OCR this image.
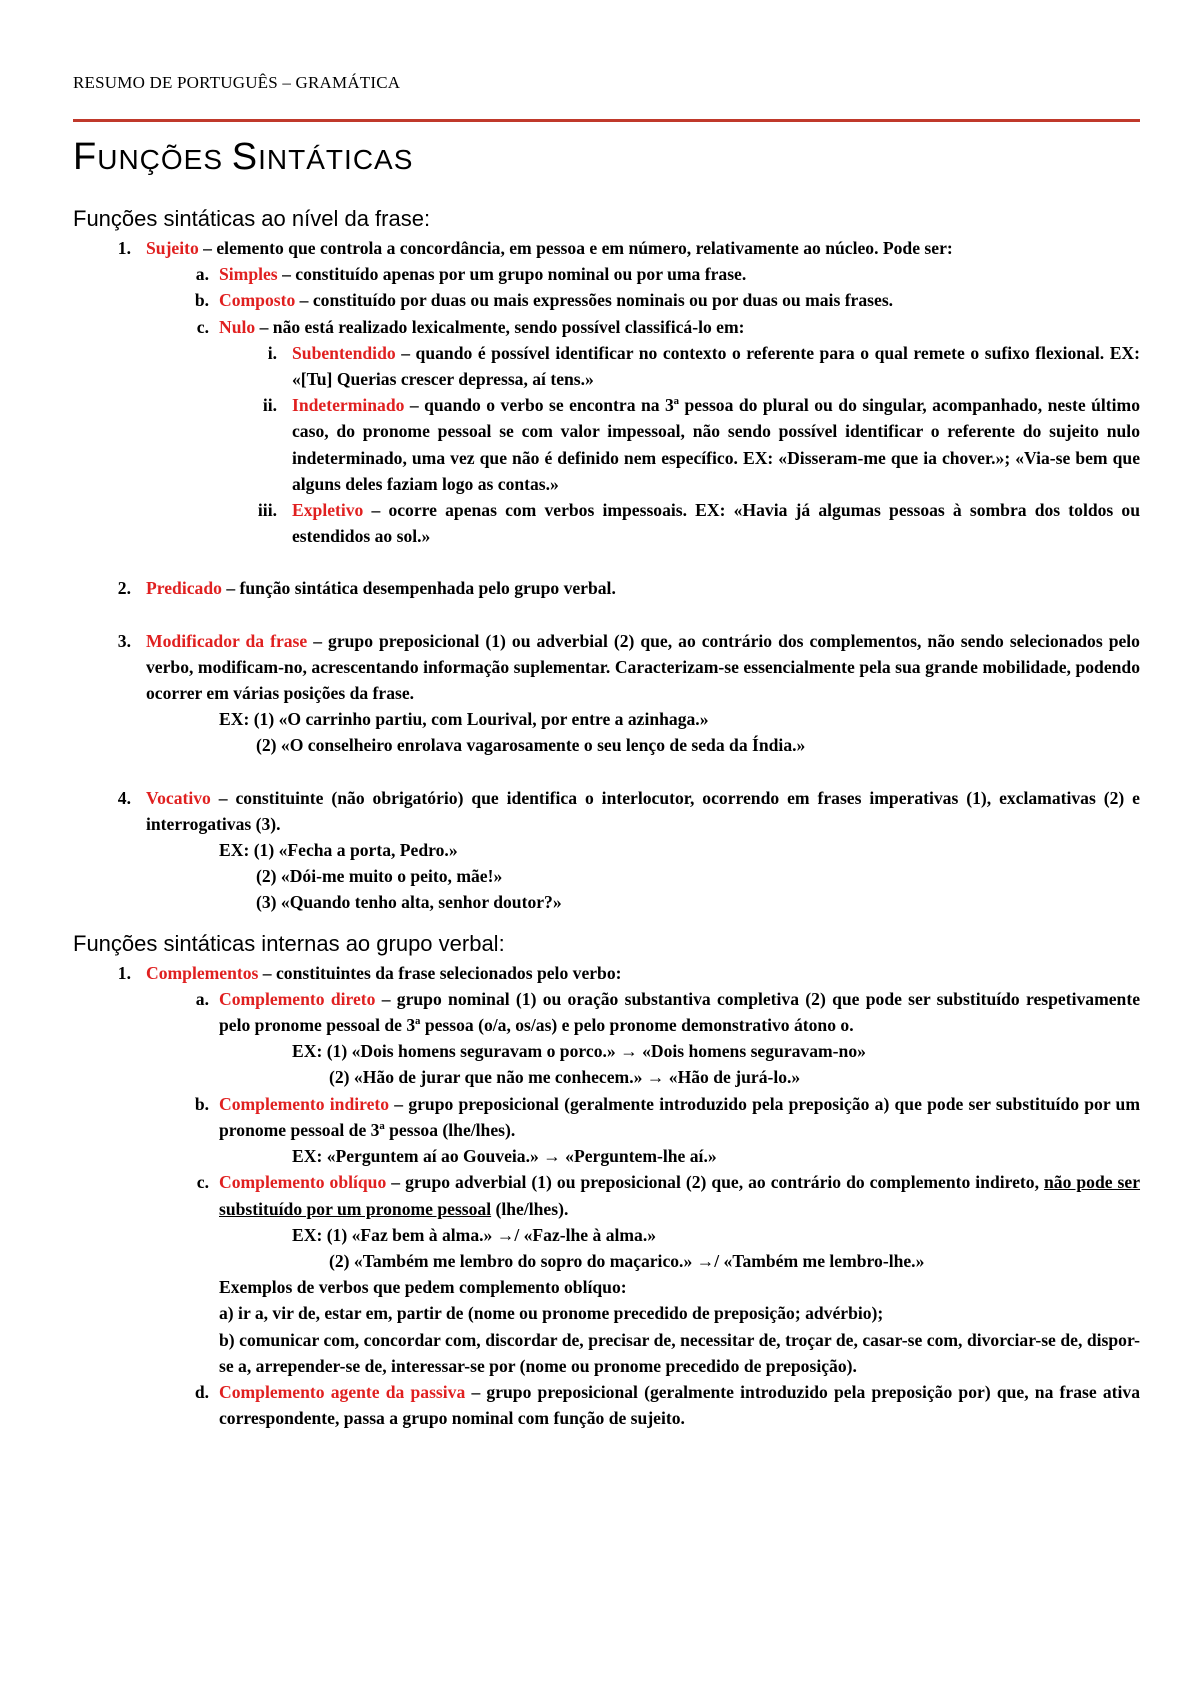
RESUMO DE PORTUGUÊS – GRAMÁTICA
FUNÇÕES SINTÁTICAS
Funções sintáticas ao nível da frase:
1. Sujeito – elemento que controla a concordância, em pessoa e em número, relativamente ao núcleo. Pode ser:
a. Simples – constituído apenas por um grupo nominal ou por uma frase.
b. Composto – constituído por duas ou mais expressões nominais ou por duas ou mais frases.
c. Nulo – não está realizado lexicalmente, sendo possível classificá-lo em:
i. Subentendido – quando é possível identificar no contexto o referente para o qual remete o sufixo flexional. EX: «[Tu] Querias crescer depressa, aí tens.»
ii. Indeterminado – quando o verbo se encontra na 3ª pessoa do plural ou do singular, acompanhado, neste último caso, do pronome pessoal se com valor impessoal, não sendo possível identificar o referente do sujeito nulo indeterminado, uma vez que não é definido nem específico. EX: «Disseram-me que ia chover.»; «Via-se bem que alguns deles faziam logo as contas.»
iii. Expletivo – ocorre apenas com verbos impessoais. EX: «Havia já algumas pessoas à sombra dos toldos ou estendidos ao sol.»
2. Predicado – função sintática desempenhada pelo grupo verbal.
3. Modificador da frase – grupo preposicional (1) ou adverbial (2) que, ao contrário dos complementos, não sendo selecionados pelo verbo, modificam-no, acrescentando informação suplementar. Caracterizam-se essencialmente pela sua grande mobilidade, podendo ocorrer em várias posições da frase.

EX: (1) «O carrinho partiu, com Lourival, por entre a azinhaga.»

(2) «O conselheiro enrolava vagarosamente o seu lenço de seda da Índia.»

4. Vocativo – constituinte (não obrigatório) que identifica o interlocutor, ocorrendo em frases imperativas (1), exclamativas (2) e interrogativas (3).

EX: (1) «Fecha a porta, Pedro.»

(2) «Dói-me muito o peito, mãe!»

(3) «Quando tenho alta, senhor doutor?»

Funções sintáticas internas ao grupo verbal:
1. Complementos – constituintes da frase selecionados pelo verbo:
a. Complemento direto – grupo nominal (1) ou oração substantiva completiva (2) que pode ser substituído respetivamente pelo pronome pessoal de 3ª pessoa (o/a, os/as) e pelo pronome demonstrativo átono o.

EX: (1) «Dois homens seguravam o porco.» → «Dois homens seguravam-no»

(2) «Hão de jurar que não me conhecem.» → «Hão de jurá-lo.»

b. Complemento indireto – grupo preposicional (geralmente introduzido pela preposição a) que pode ser substituído por um pronome pessoal de 3ª pessoa (lhe/lhes).

EX: «Perguntem aí ao Gouveia.» → «Perguntem-lhe aí.»

c. Complemento oblíquo – grupo adverbial (1) ou preposicional (2) que, ao contrário do complemento indireto, não pode ser substituído por um pronome pessoal (lhe/lhes).

EX: (1) «Faz bem à alma.» →/ «Faz-lhe à alma.»

(2) «Também me lembro do sopro do maçarico.» →/ «Também me lembro-lhe.»

Exemplos de verbos que pedem complemento oblíquo:

a) ir a, vir de, estar em, partir de (nome ou pronome precedido de preposição; advérbio);

b) comunicar com, concordar com, discordar de, precisar de, necessitar de, troçar de, casar-se com, divorciar-se de, dispor-se a, arrepender-se de, interessar-se por (nome ou pronome precedido de preposição).

d. Complemento agente da passiva – grupo preposicional (geralmente introduzido pela preposição por) que, na frase ativa correspondente, passa a grupo nominal com função de sujeito.
